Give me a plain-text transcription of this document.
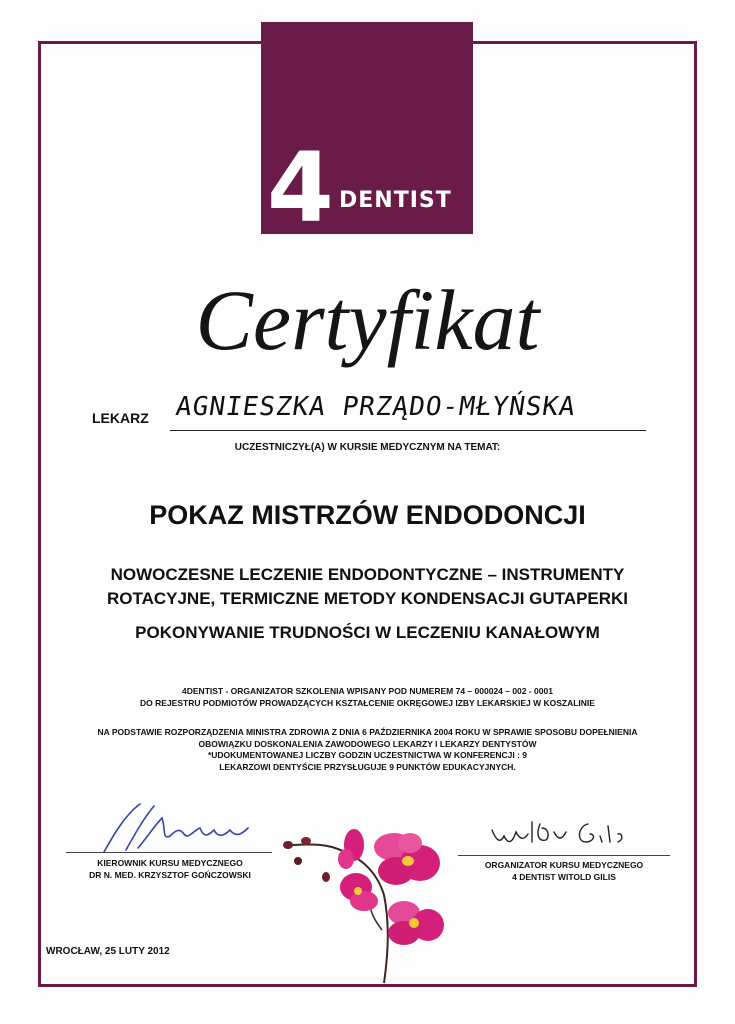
4 DENTIST
Certyfikat
LEKARZ AGNIESZKA PRZĄDO-MŁYŃSKA
UCZESTNICZYŁ(A) W KURSIE MEDYCZNYM NA TEMAT:
POKAZ MISTRZÓW ENDODONCJI
NOWOCZESNE LECZENIE ENDODONTYCZNE – INSTRUMENTY
ROTACYJNE, TERMICZNE METODY KONDENSACJI GUTAPERKI
POKONYWANIE TRUDNOŚCI W LECZENIU KANAŁOWYM
4DENTIST - ORGANIZATOR SZKOLENIA WPISANY POD NUMEREM 74 – 000024 – 002 - 0001
DO REJESTRU PODMIOTÓW PROWADZĄCYCH KSZTAŁCENIE OKRĘGOWEJ IZBY LEKARSKIEJ W KOSZALINIE
NA PODSTAWIE ROZPORZĄDZENIA MINISTRA ZDROWIA Z DNIA 6 PAŹDZIERNIKA 2004 ROKU W SPRAWIE SPOSOBU DOPEŁNIENIA
OBOWIĄZKU DOSKONALENIA ZAWODOWEGO LEKARZY I LEKARZY DENTYSTÓW
*UDOKUMENTOWANEJ LICZBY GODZIN UCZESTNICTWA W KONFERENCJI : 9
LEKARZOWI DENTYŚCIE PRZYSŁUGUJE 9 PUNKTÓW EDUKACYJNYCH.
KIEROWNIK KURSU MEDYCZNEGO
DR N. MED. KRZYSZTOF GOŃCZOWSKI
ORGANIZATOR KURSU MEDYCZNEGO
4 DENTIST WITOLD GILIS
WROCŁAW, 25 LUTY 2012
